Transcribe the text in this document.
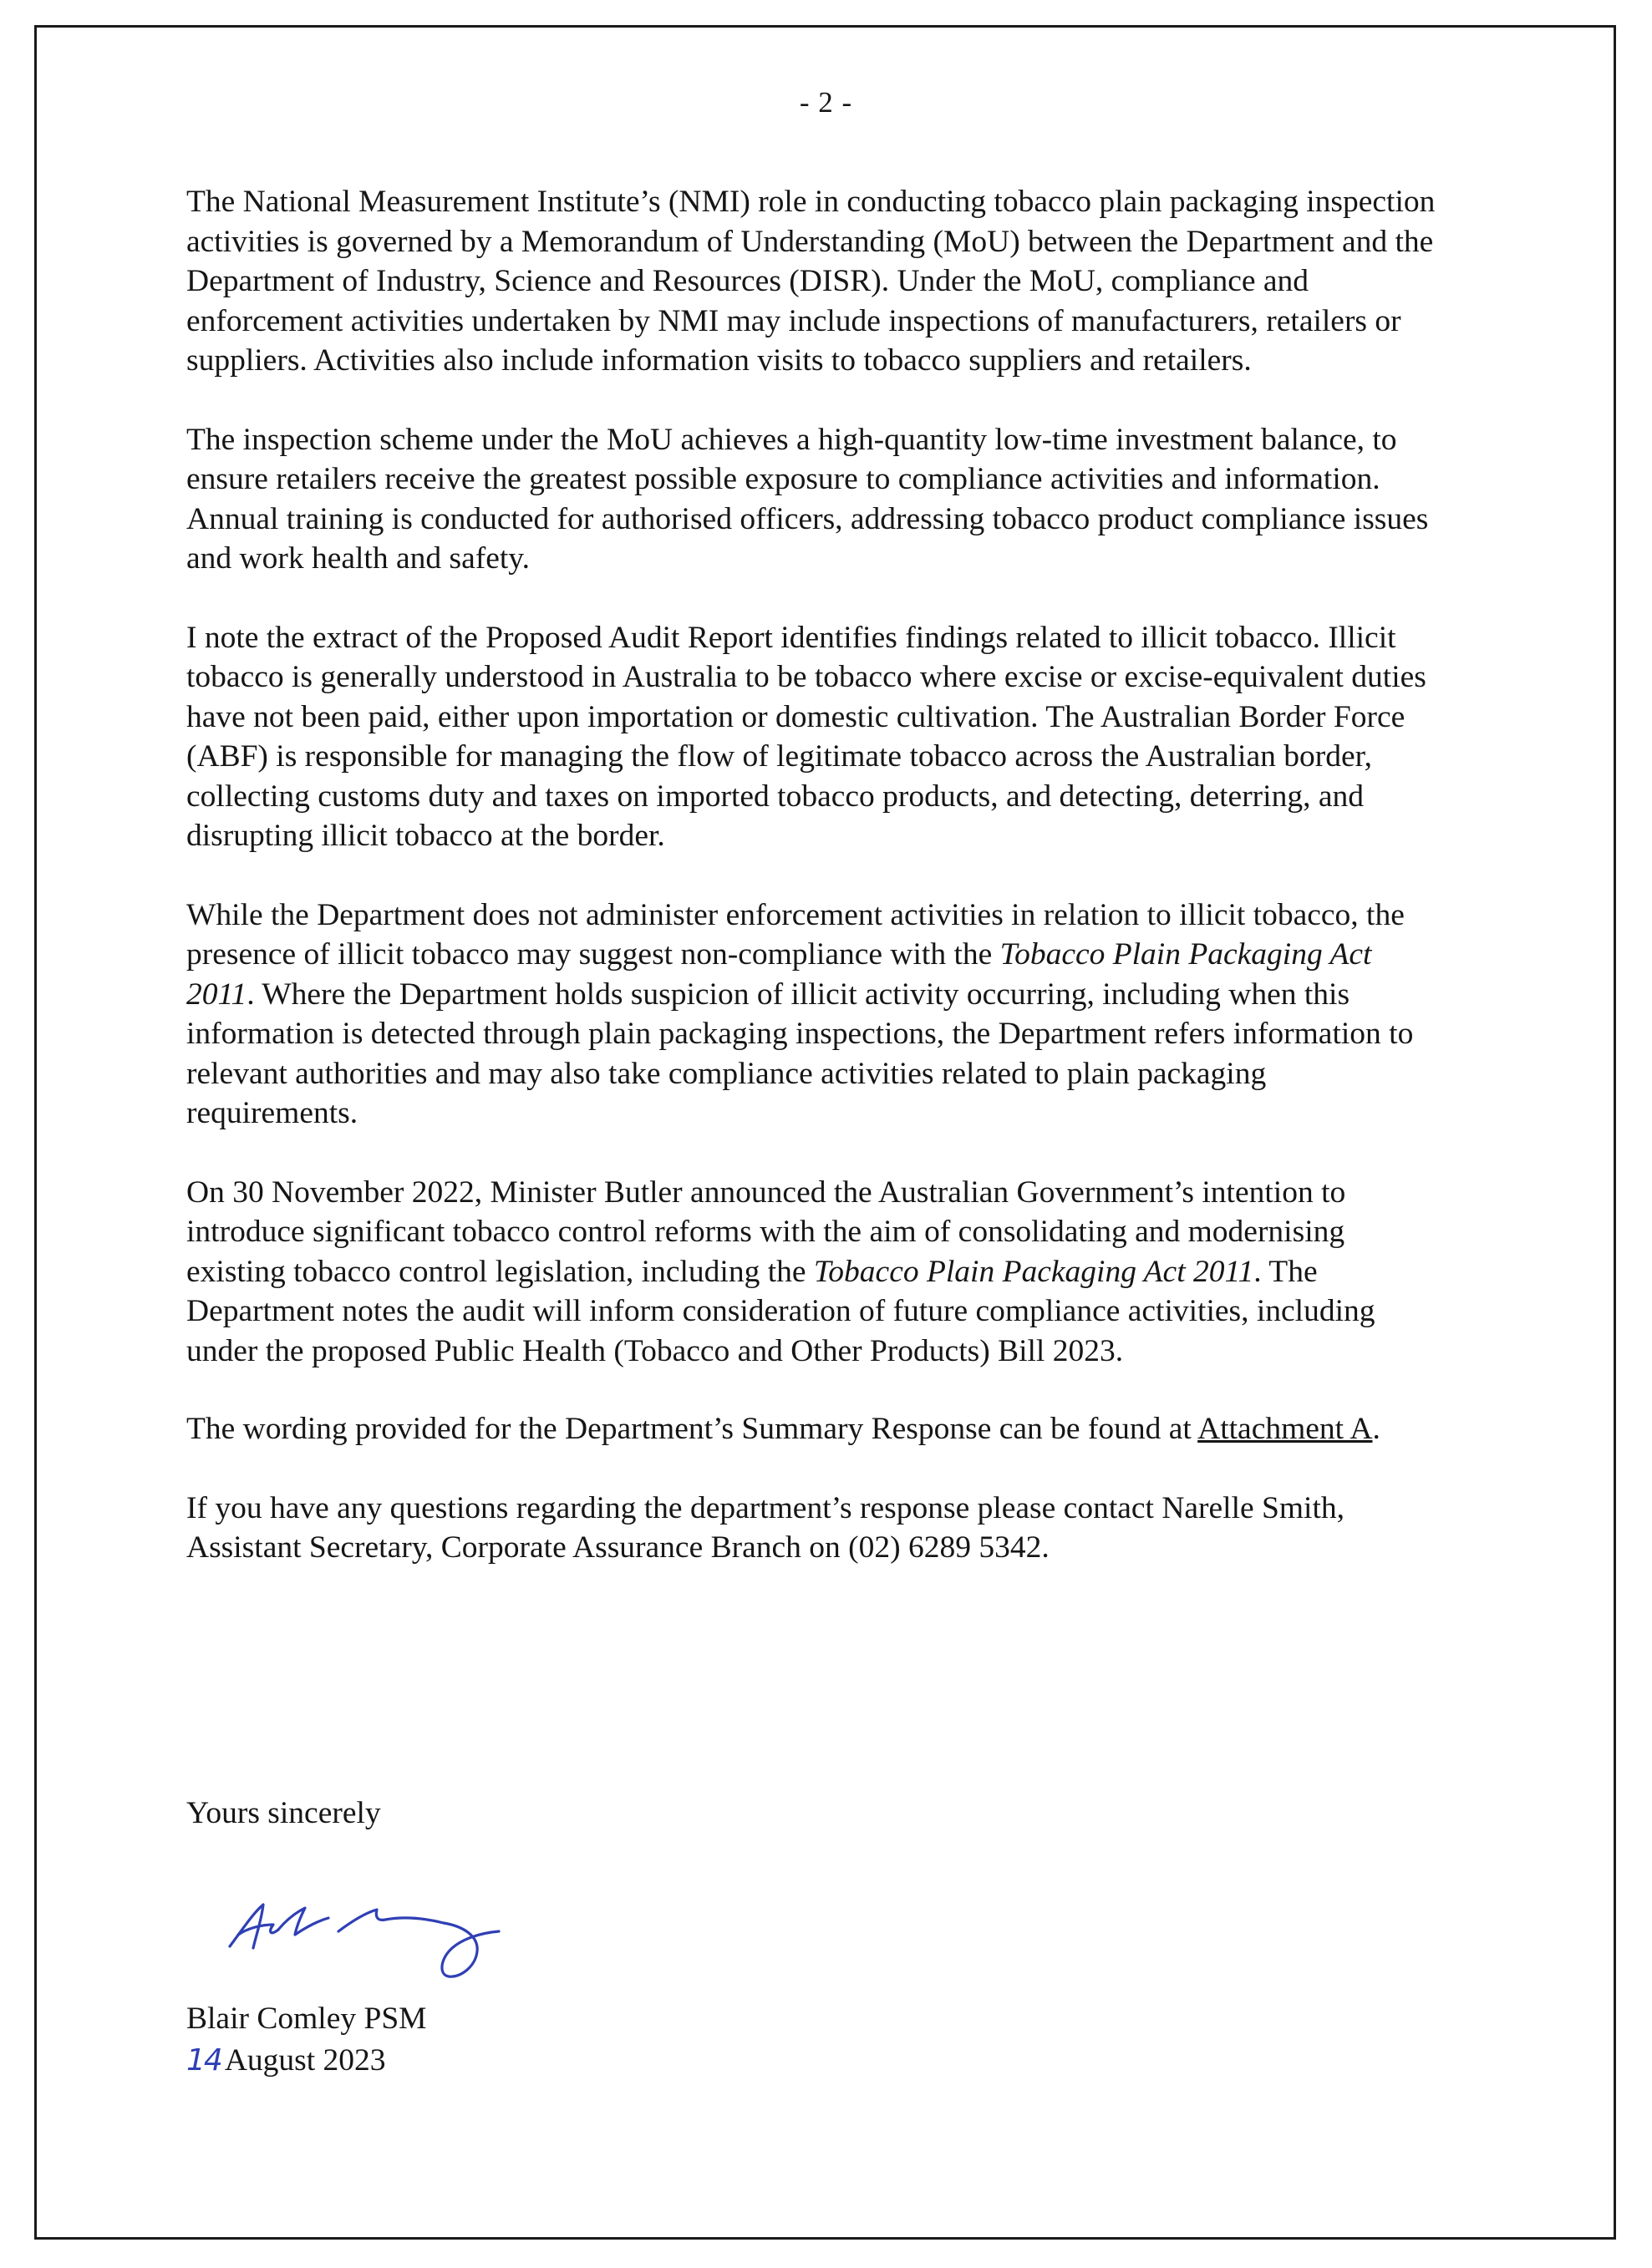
- 2 -

The National Measurement Institute’s (NMI) role in conducting tobacco plain packaging inspection activities is governed by a Memorandum of Understanding (MoU) between the Department and the Department of Industry, Science and Resources (DISR). Under the MoU, compliance and enforcement activities undertaken by NMI may include inspections of manufacturers, retailers or suppliers. Activities also include information visits to tobacco suppliers and retailers.

The inspection scheme under the MoU achieves a high-quantity low-time investment balance, to ensure retailers receive the greatest possible exposure to compliance activities and information. Annual training is conducted for authorised officers, addressing tobacco product compliance issues and work health and safety.

I note the extract of the Proposed Audit Report identifies findings related to illicit tobacco. Illicit tobacco is generally understood in Australia to be tobacco where excise or excise-equivalent duties have not been paid, either upon importation or domestic cultivation. The Australian Border Force (ABF) is responsible for managing the flow of legitimate tobacco across the Australian border, collecting customs duty and taxes on imported tobacco products, and detecting, deterring, and disrupting illicit tobacco at the border.

While the Department does not administer enforcement activities in relation to illicit tobacco, the presence of illicit tobacco may suggest non-compliance with the Tobacco Plain Packaging Act 2011. Where the Department holds suspicion of illicit activity occurring, including when this information is detected through plain packaging inspections, the Department refers information to relevant authorities and may also take compliance activities related to plain packaging requirements.

On 30 November 2022, Minister Butler announced the Australian Government’s intention to introduce significant tobacco control reforms with the aim of consolidating and modernising existing tobacco control legislation, including the Tobacco Plain Packaging Act 2011. The Department notes the audit will inform consideration of future compliance activities, including under the proposed Public Health (Tobacco and Other Products) Bill 2023.

The wording provided for the Department’s Summary Response can be found at Attachment A.

If you have any questions regarding the department’s response please contact Narelle Smith, Assistant Secretary, Corporate Assurance Branch on (02) 6289 5342.

Yours sincerely
Blair Comley PSM
14 August 2023
